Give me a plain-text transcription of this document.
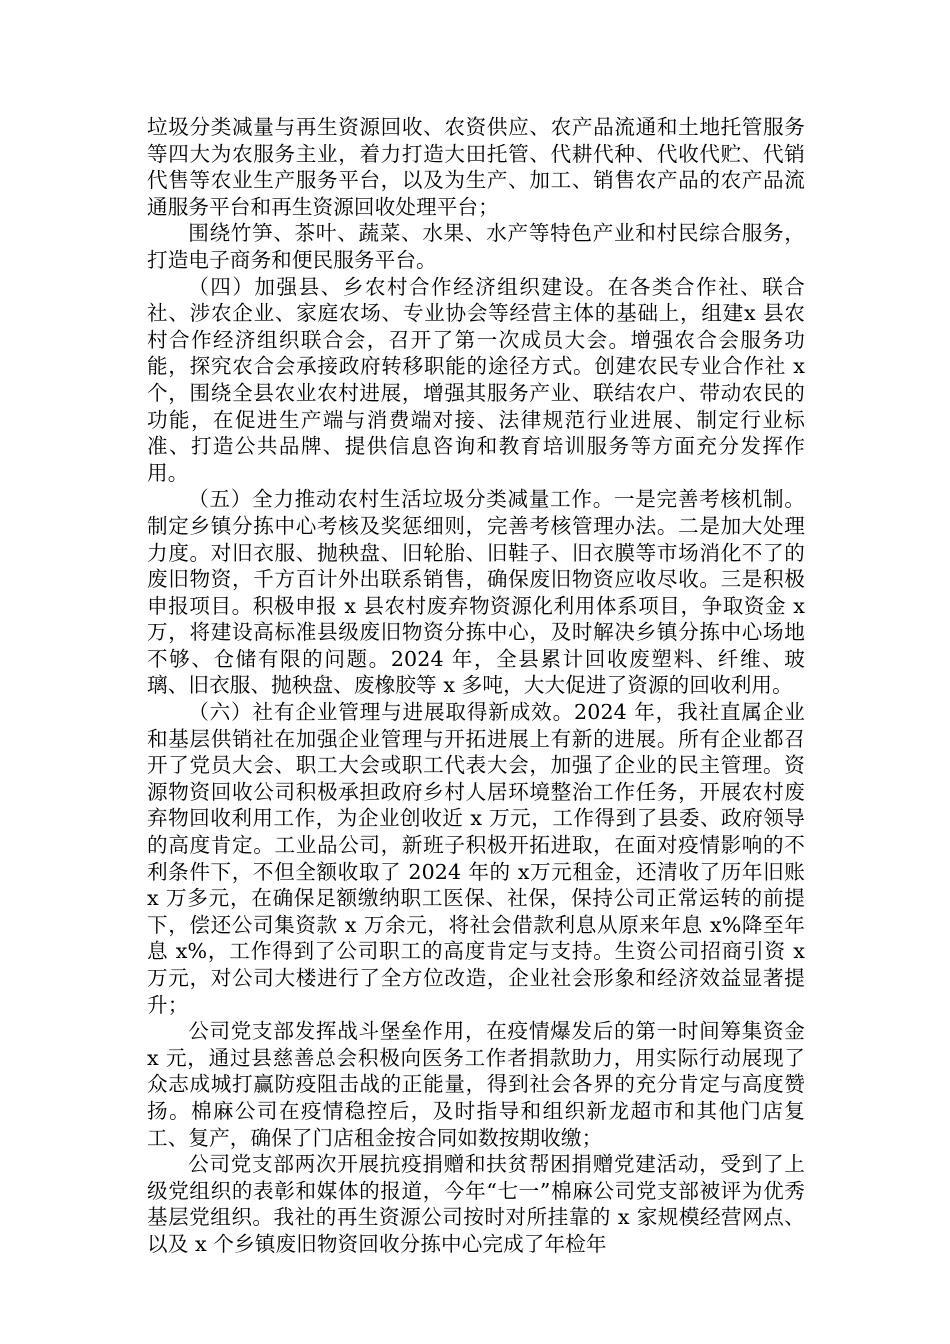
垃圾分类减量与再生资源回收、农资供应、农产品流通和土地托管服务等四大为农服务主业，着力打造大田托管、代耕代种、代收代贮、代销代售等农业生产服务平台，以及为生产、加工、销售农产品的农产品流通服务平台和再生资源回收处理平台；

围绕竹笋、茶叶、蔬菜、水果、水产等特色产业和村民综合服务，打造电子商务和便民服务平台。

（四）加强县、乡农村合作经济组织建设。在各类合作社、联合社、涉农企业、家庭农场、专业协会等经营主体的基础上，组建x 县农村合作经济组织联合会，召开了第一次成员大会。增强农合会服务功能，探究农合会承接政府转移职能的途径方式。创建农民专业合作社 x 个，围绕全县农业农村进展，增强其服务产业、联结农户、带动农民的功能，在促进生产端与消费端对接、法律规范行业进展、制定行业标准、打造公共品牌、提供信息咨询和教育培训服务等方面充分发挥作用。

（五）全力推动农村生活垃圾分类减量工作。一是完善考核机制。制定乡镇分拣中心考核及奖惩细则，完善考核管理办法。二是加大处理力度。对旧衣服、抛秧盘、旧轮胎、旧鞋子、旧衣膜等市场消化不了的废旧物资，千方百计外出联系销售，确保废旧物资应收尽收。三是积极申报项目。积极申报 x 县农村废弃物资源化利用体系项目，争取资金 x 万，将建设高标准县级废旧物资分拣中心，及时解决乡镇分拣中心场地不够、仓储有限的问题。2024 年，全县累计回收废塑料、纤维、玻璃、旧衣服、抛秧盘、废橡胶等 x 多吨，大大促进了资源的回收利用。

（六）社有企业管理与进展取得新成效。2024 年，我社直属企业和基层供销社在加强企业管理与开拓进展上有新的进展。所有企业都召开了党员大会、职工大会或职工代表大会，加强了企业的民主管理。资源物资回收公司积极承担政府乡村人居环境整治工作任务，开展农村废弃物回收利用工作，为企业创收近 x 万元，工作得到了县委、政府领导的高度肯定。工业品公司，新班子积极开拓进取，在面对疫情影响的不利条件下，不但全额收取了 2024 年的 x万元租金，还清收了历年旧账 x 万多元，在确保足额缴纳职工医保、社保，保持公司正常运转的前提下，偿还公司集资款 x 万余元，将社会借款利息从原来年息 x%降至年息 x%，工作得到了公司职工的高度肯定与支持。生资公司招商引资 x 万元，对公司大楼进行了全方位改造，企业社会形象和经济效益显著提升；

公司党支部发挥战斗堡垒作用，在疫情爆发后的第一时间筹集资金 x 元，通过县慈善总会积极向医务工作者捐款助力，用实际行动展现了众志成城打赢防疫阻击战的正能量，得到社会各界的充分肯定与高度赞扬。棉麻公司在疫情稳控后，及时指导和组织新龙超市和其他门店复工、复产，确保了门店租金按合同如数按期收缴；

公司党支部两次开展抗疫捐赠和扶贫帮困捐赠党建活动，受到了上级党组织的表彰和媒体的报道，今年“七一”棉麻公司党支部被评为优秀基层党组织。我社的再生资源公司按时对所挂靠的 x 家规模经营网点、以及 x 个乡镇废旧物资回收分拣中心完成了年检年
